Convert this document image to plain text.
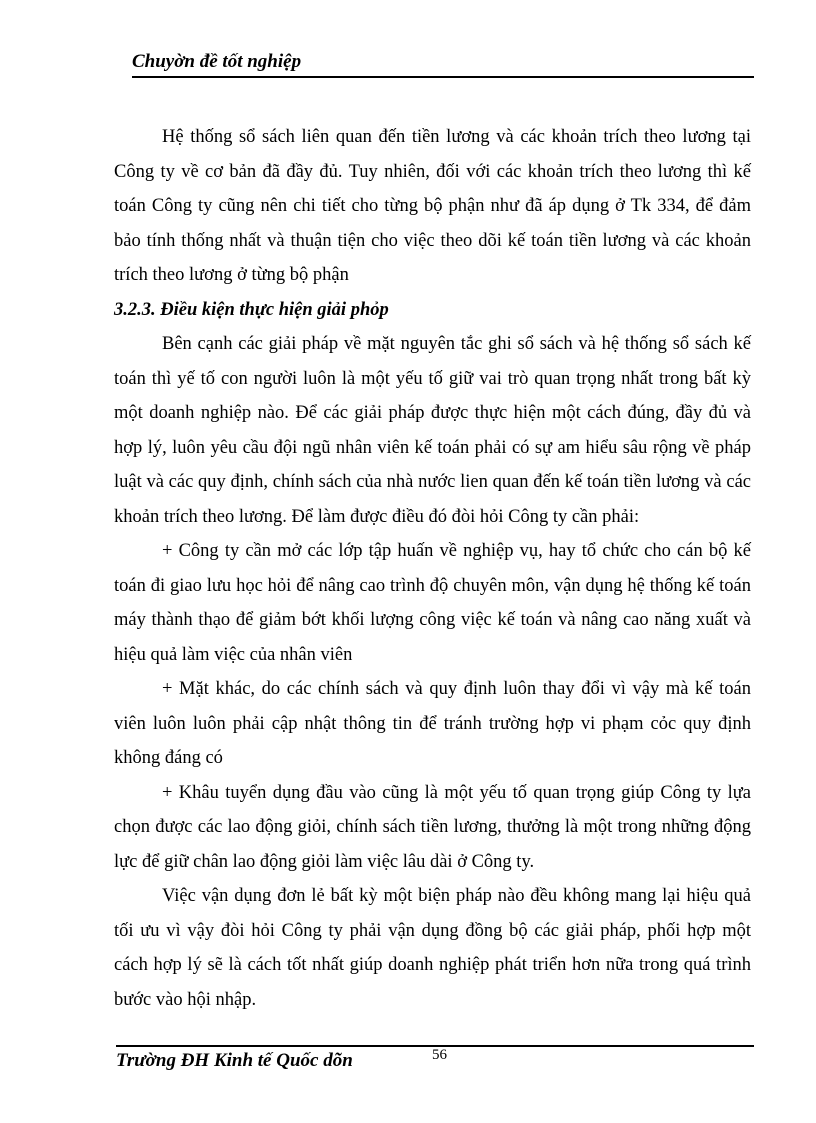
Chuyờn đề tốt nghiệp

Hệ thống sổ sách liên quan đến tiền lương và các khoản trích theo lương tại Công ty về cơ bản đã đầy đủ. Tuy nhiên, đối với các khoản trích theo lương thì kế toán Công ty cũng nên chi tiết cho từng bộ phận như đã áp dụng ở Tk 334, để đảm bảo tính thống nhất và thuận tiện cho việc theo dõi kế toán tiền lương và các khoản trích theo lương ở từng bộ phận

3.2.3. Điều kiện thực hiện giải phỏp

Bên cạnh các giải pháp về mặt nguyên tắc ghi sổ sách và hệ thống sổ sách kế toán thì yế tố con người luôn là một yếu tố giữ vai trò quan trọng nhất trong bất kỳ một doanh nghiệp nào. Để các giải pháp được thực hiện một cách đúng, đầy đủ và hợp lý, luôn yêu cầu đội ngũ nhân viên kế toán phải có sự am hiểu sâu rộng về pháp luật và các quy định, chính sách của nhà nước lien quan đến kế toán tiền lương và các khoản trích theo lương. Để làm được điều đó đòi hỏi Công ty cần phải:

+ Công ty cần mở các lớp tập huấn về nghiệp vụ, hay tổ chức cho cán bộ kế toán đi giao lưu học hỏi để nâng cao trình độ chuyên môn, vận dụng hệ thống kế toán máy thành thạo để giảm bớt khối lượng công việc kế toán và nâng cao năng xuất và hiệu quả làm việc của nhân viên

+ Mặt khác, do các chính sách và quy định luôn thay đổi vì vậy mà kế toán viên luôn luôn phải cập nhật thông tin để tránh trường hợp vi phạm cỏc quy định không đáng có

+ Khâu tuyển dụng đầu vào cũng là một yếu tố quan trọng giúp Công ty lựa chọn được các lao động giỏi, chính sách tiền lương, thưởng là một trong những động lực để giữ chân lao động giỏi làm việc lâu dài ở Công ty.

Việc vận dụng đơn lẻ bất kỳ một biện pháp nào đều không mang lại hiệu quả tối ưu vì vậy đòi hỏi Công ty phải vận dụng đồng bộ các giải pháp, phối hợp một cách hợp lý sẽ là cách tốt nhất giúp doanh nghiệp phát triển hơn nữa trong quá trình bước vào hội nhập.

Trường ĐH Kinh tế Quốc dõn	56
